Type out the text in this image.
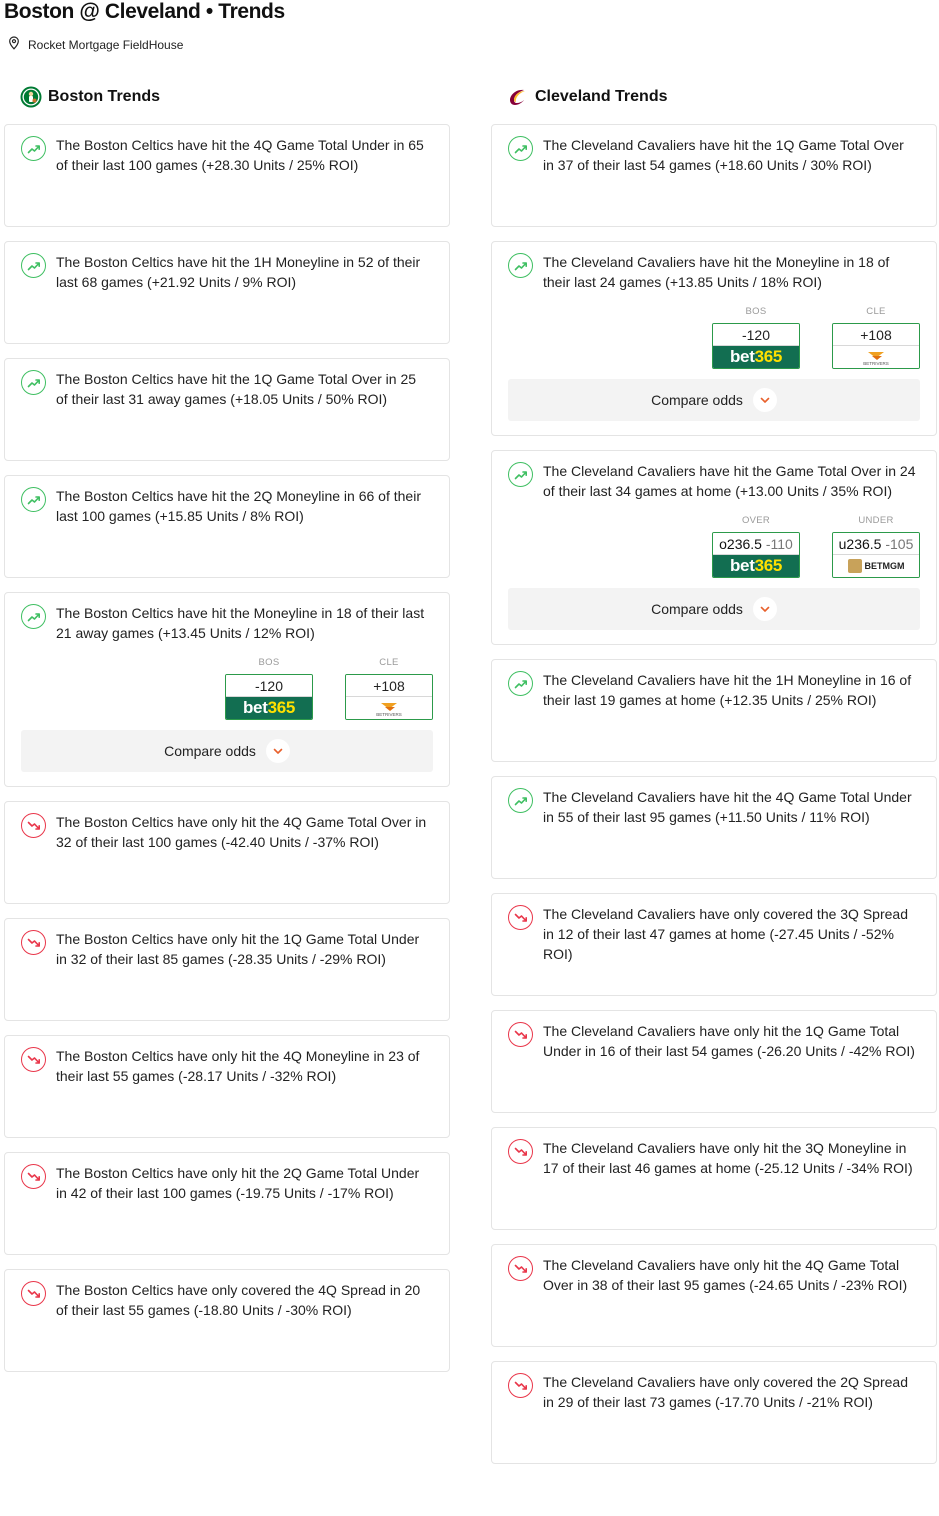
Boston @ Cleveland • Trends
Rocket Mortgage FieldHouse
Boston Trends
The Boston Celtics have hit the 4Q Game Total Under in 65 of their last 100 games (+28.30 Units / 25% ROI)
The Boston Celtics have hit the 1H Moneyline in 52 of their last 68 games (+21.92 Units / 9% ROI)
The Boston Celtics have hit the 1Q Game Total Over in 25 of their last 31 away games (+18.05 Units / 50% ROI)
The Boston Celtics have hit the 2Q Moneyline in 66 of their last 100 games (+15.85 Units / 8% ROI)
The Boston Celtics have hit the Moneyline in 18 of their last 21 away games (+13.45 Units / 12% ROI)
BOS
-120
bet 365
CLE
+108
BETRIVERS
Compare odds
The Boston Celtics have only hit the 4Q Game Total Over in 32 of their last 100 games (-42.40 Units / -37% ROI)
The Boston Celtics have only hit the 1Q Game Total Under in 32 of their last 85 games (-28.35 Units / -29% ROI)
The Boston Celtics have only hit the 4Q Moneyline in 23 of their last 55 games (-28.17 Units / -32% ROI)
The Boston Celtics have only hit the 2Q Game Total Under in 42 of their last 100 games (-19.75 Units / -17% ROI)
The Boston Celtics have only covered the 4Q Spread in 20 of their last 55 games (-18.80 Units / -30% ROI)
Cleveland Trends
The Cleveland Cavaliers have hit the 1Q Game Total Over in 37 of their last 54 games (+18.60 Units / 30% ROI)
The Cleveland Cavaliers have hit the Moneyline in 18 of their last 24 games (+13.85 Units / 18% ROI)
BOS
-120
bet 365
CLE
+108
BETRIVERS
Compare odds
The Cleveland Cavaliers have hit the Game Total Over in 24 of their last 34 games at home (+13.00 Units / 35% ROI)
OVER
o236.5 -110
bet 365
UNDER
u236.5 -105
BETMGM
Compare odds
The Cleveland Cavaliers have hit the 1H Moneyline in 16 of their last 19 games at home (+12.35 Units / 25% ROI)
The Cleveland Cavaliers have hit the 4Q Game Total Under in 55 of their last 95 games (+11.50 Units / 11% ROI)
The Cleveland Cavaliers have only covered the 3Q Spread in 12 of their last 47 games at home (-27.45 Units / -52% ROI)
The Cleveland Cavaliers have only hit the 1Q Game Total Under in 16 of their last 54 games (-26.20 Units / -42% ROI)
The Cleveland Cavaliers have only hit the 3Q Moneyline in 17 of their last 46 games at home (-25.12 Units / -34% ROI)
The Cleveland Cavaliers have only hit the 4Q Game Total Over in 38 of their last 95 games (-24.65 Units / -23% ROI)
The Cleveland Cavaliers have only covered the 2Q Spread in 29 of their last 73 games (-17.70 Units / -21% ROI)
